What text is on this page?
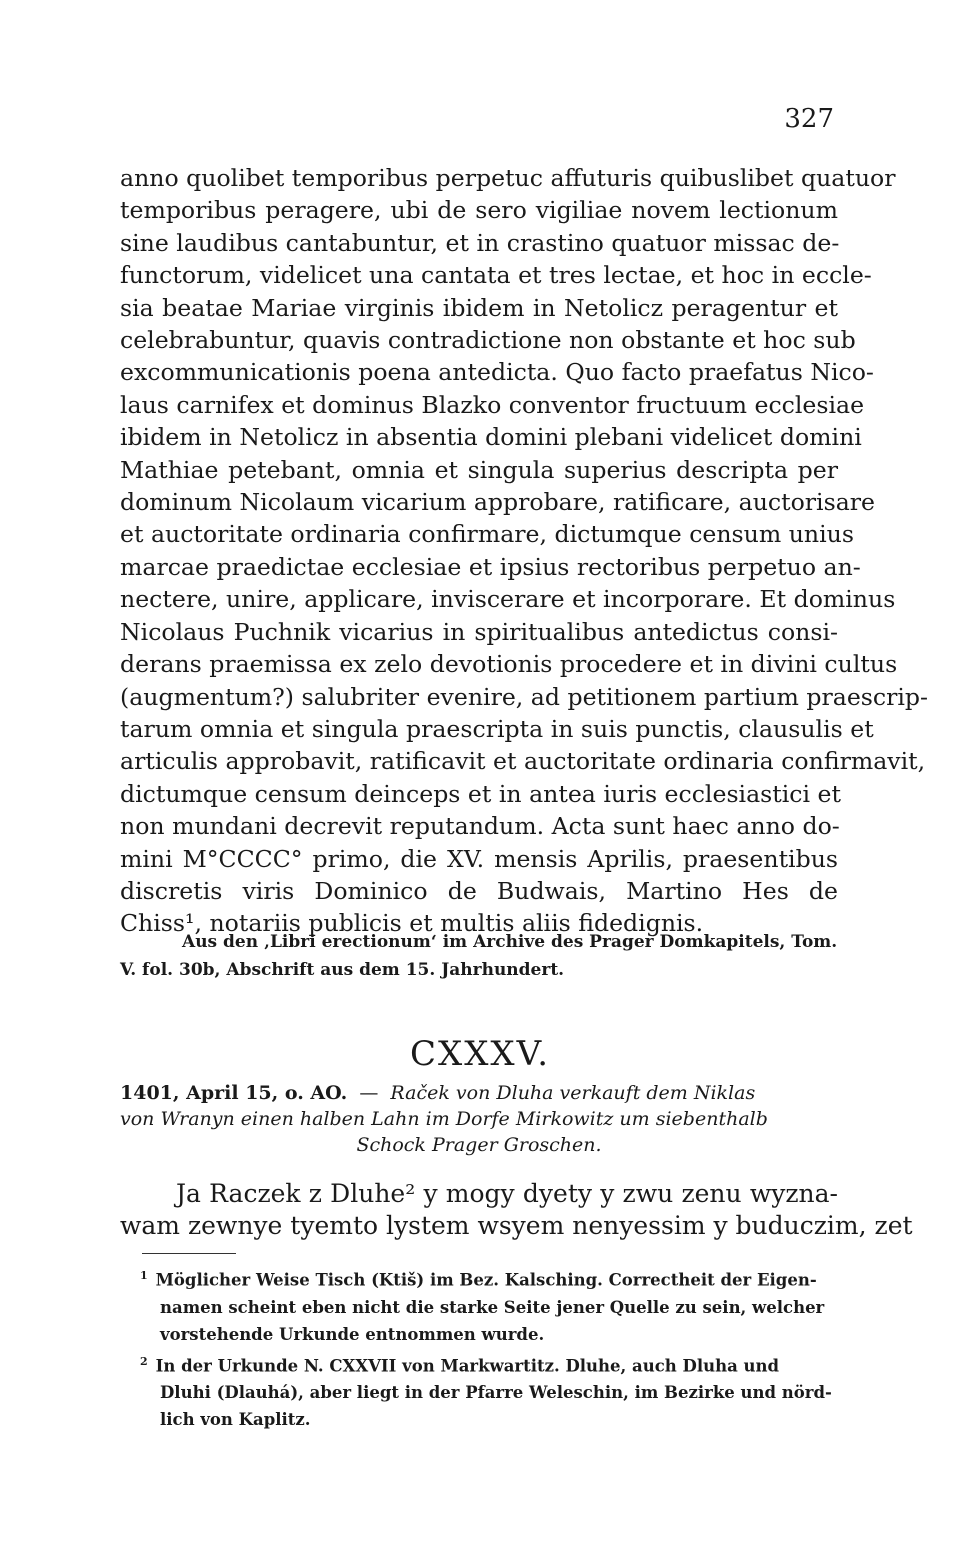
327
anno quolibet temporibus perpetuc affuturis quibuslibet quatuor
temporibus peragere, ubi de sero vigiliae novem lectionum
sine laudibus cantabuntur, et in crastino quatuor missac de-
functorum, videlicet una cantata et tres lectae, et hoc in eccle-
sia beatae Mariae virginis ibidem in Netolicz peragentur et
celebrabuntur, quavis contradictione non obstante et hoc sub
excommunicationis poena antedicta. Quo facto praefatus Nico-
laus carnifex et dominus Blazko conventor fructuum ecclesiae
ibidem in Netolicz in absentia domini plebani videlicet domini
Mathiae petebant, omnia et singula superius descripta per
dominum Nicolaum vicarium approbare, ratificare, auctorisare
et auctoritate ordinaria confirmare, dictumque censum unius
marcae praedictae ecclesiae et ipsius rectoribus perpetuo an-
nectere, unire, applicare, inviscerare et incorporare. Et dominus
Nicolaus Puchnik vicarius in spiritualibus antedictus consi-
derans praemissa ex zelo devotionis procedere et in divini cultus
(augmentum?) salubriter evenire, ad petitionem partium praescrip-
tarum omnia et singula praescripta in suis punctis, clausulis et
articulis approbavit, ratificavit et auctoritate ordinaria confirmavit,
dictumque censum deinceps et in antea iuris ecclesiastici et
non mundani decrevit reputandum. Acta sunt haec anno do-
mini M°CCCC° primo, die XV. mensis Aprilis, praesentibus
discretis viris Dominico de Budwais, Martino Hes de
Chiss¹, notariis publicis et multis aliis fidedignis.
Aus den ‚Libri erectionum‘ im Archive des Prager Domkapitels, Tom.
V. fol. 30b, Abschrift aus dem 15. Jahrhundert.
CXXXV.
1401, April 15, o. AO. — Raček von Dluha verkauft dem Niklas
von Wranyn einen halben Lahn im Dorfe Mirkowitz um siebenthalb
Schock Prager Groschen.
Ja Raczek z Dluhe² y mogy dyety y zwu zenu wyzna-
wam zewnye tyemto lystem wsyem nenyessim y buduczim, zet
$^1$ Möglicher Weise Tisch (Ktiš) im Bez. Kalsching. Correctheit der Eigen-
namen scheint eben nicht die starke Seite jener Quelle zu sein, welcher
vorstehende Urkunde entnommen wurde.
$^2$ In der Urkunde N. CXXVII von Markwartitz. Dluhe, auch Dluha und
Dluhi (Dlauhá), aber liegt in der Pfarre Weleschin, im Bezirke und nörd-
lich von Kaplitz.
